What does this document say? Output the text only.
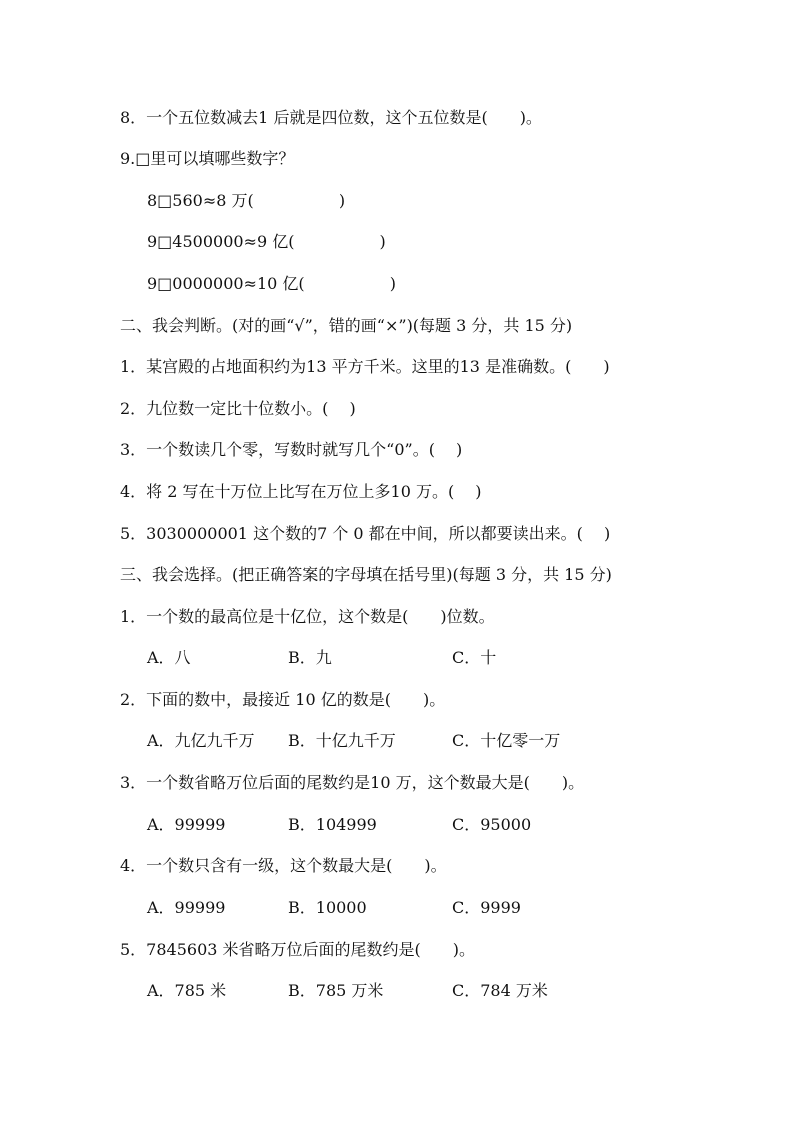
8．一个五位数减去1 后就是四位数，这个五位数是(　　)。
9.□里可以填哪些数字？
8□560≈8 万(　　　　　 )
9□4500000≈9 亿(　　　　　 )
9□0000000≈10 亿(　　　　　 )
二、我会判断。(对的画“√”，错的画“×”)(每题 3 分，共 15 分)
1．某宫殿的占地面积约为13 平方千米。这里的13 是准确数。(　　)
2．九位数一定比十位数小。(　 )
3．一个数读几个零，写数时就写几个“0”。(　 )
4．将 2 写在十万位上比写在万位上多10 万。(　 )
5．3030000001 这个数的7 个 0 都在中间，所以都要读出来。(　 )
三、我会选择。(把正确答案的字母填在括号里)(每题 3 分，共 15 分)
1．一个数的最高位是十亿位，这个数是(　　)位数。
A．八	B．九	C．十
2．下面的数中，最接近 10 亿的数是(　　)。
A．九亿九千万 B．十亿九千万	C．十亿零一万
3．一个数省略万位后面的尾数约是10 万，这个数最大是(　　)。
A．99999	B．104999	C．95000
4．一个数只含有一级，这个数最大是(　　)。
A．99999	B．10000	C．9999
5．7845603 米省略万位后面的尾数约是(　　)。
A．785 米	B．785 万米	C．784 万米
